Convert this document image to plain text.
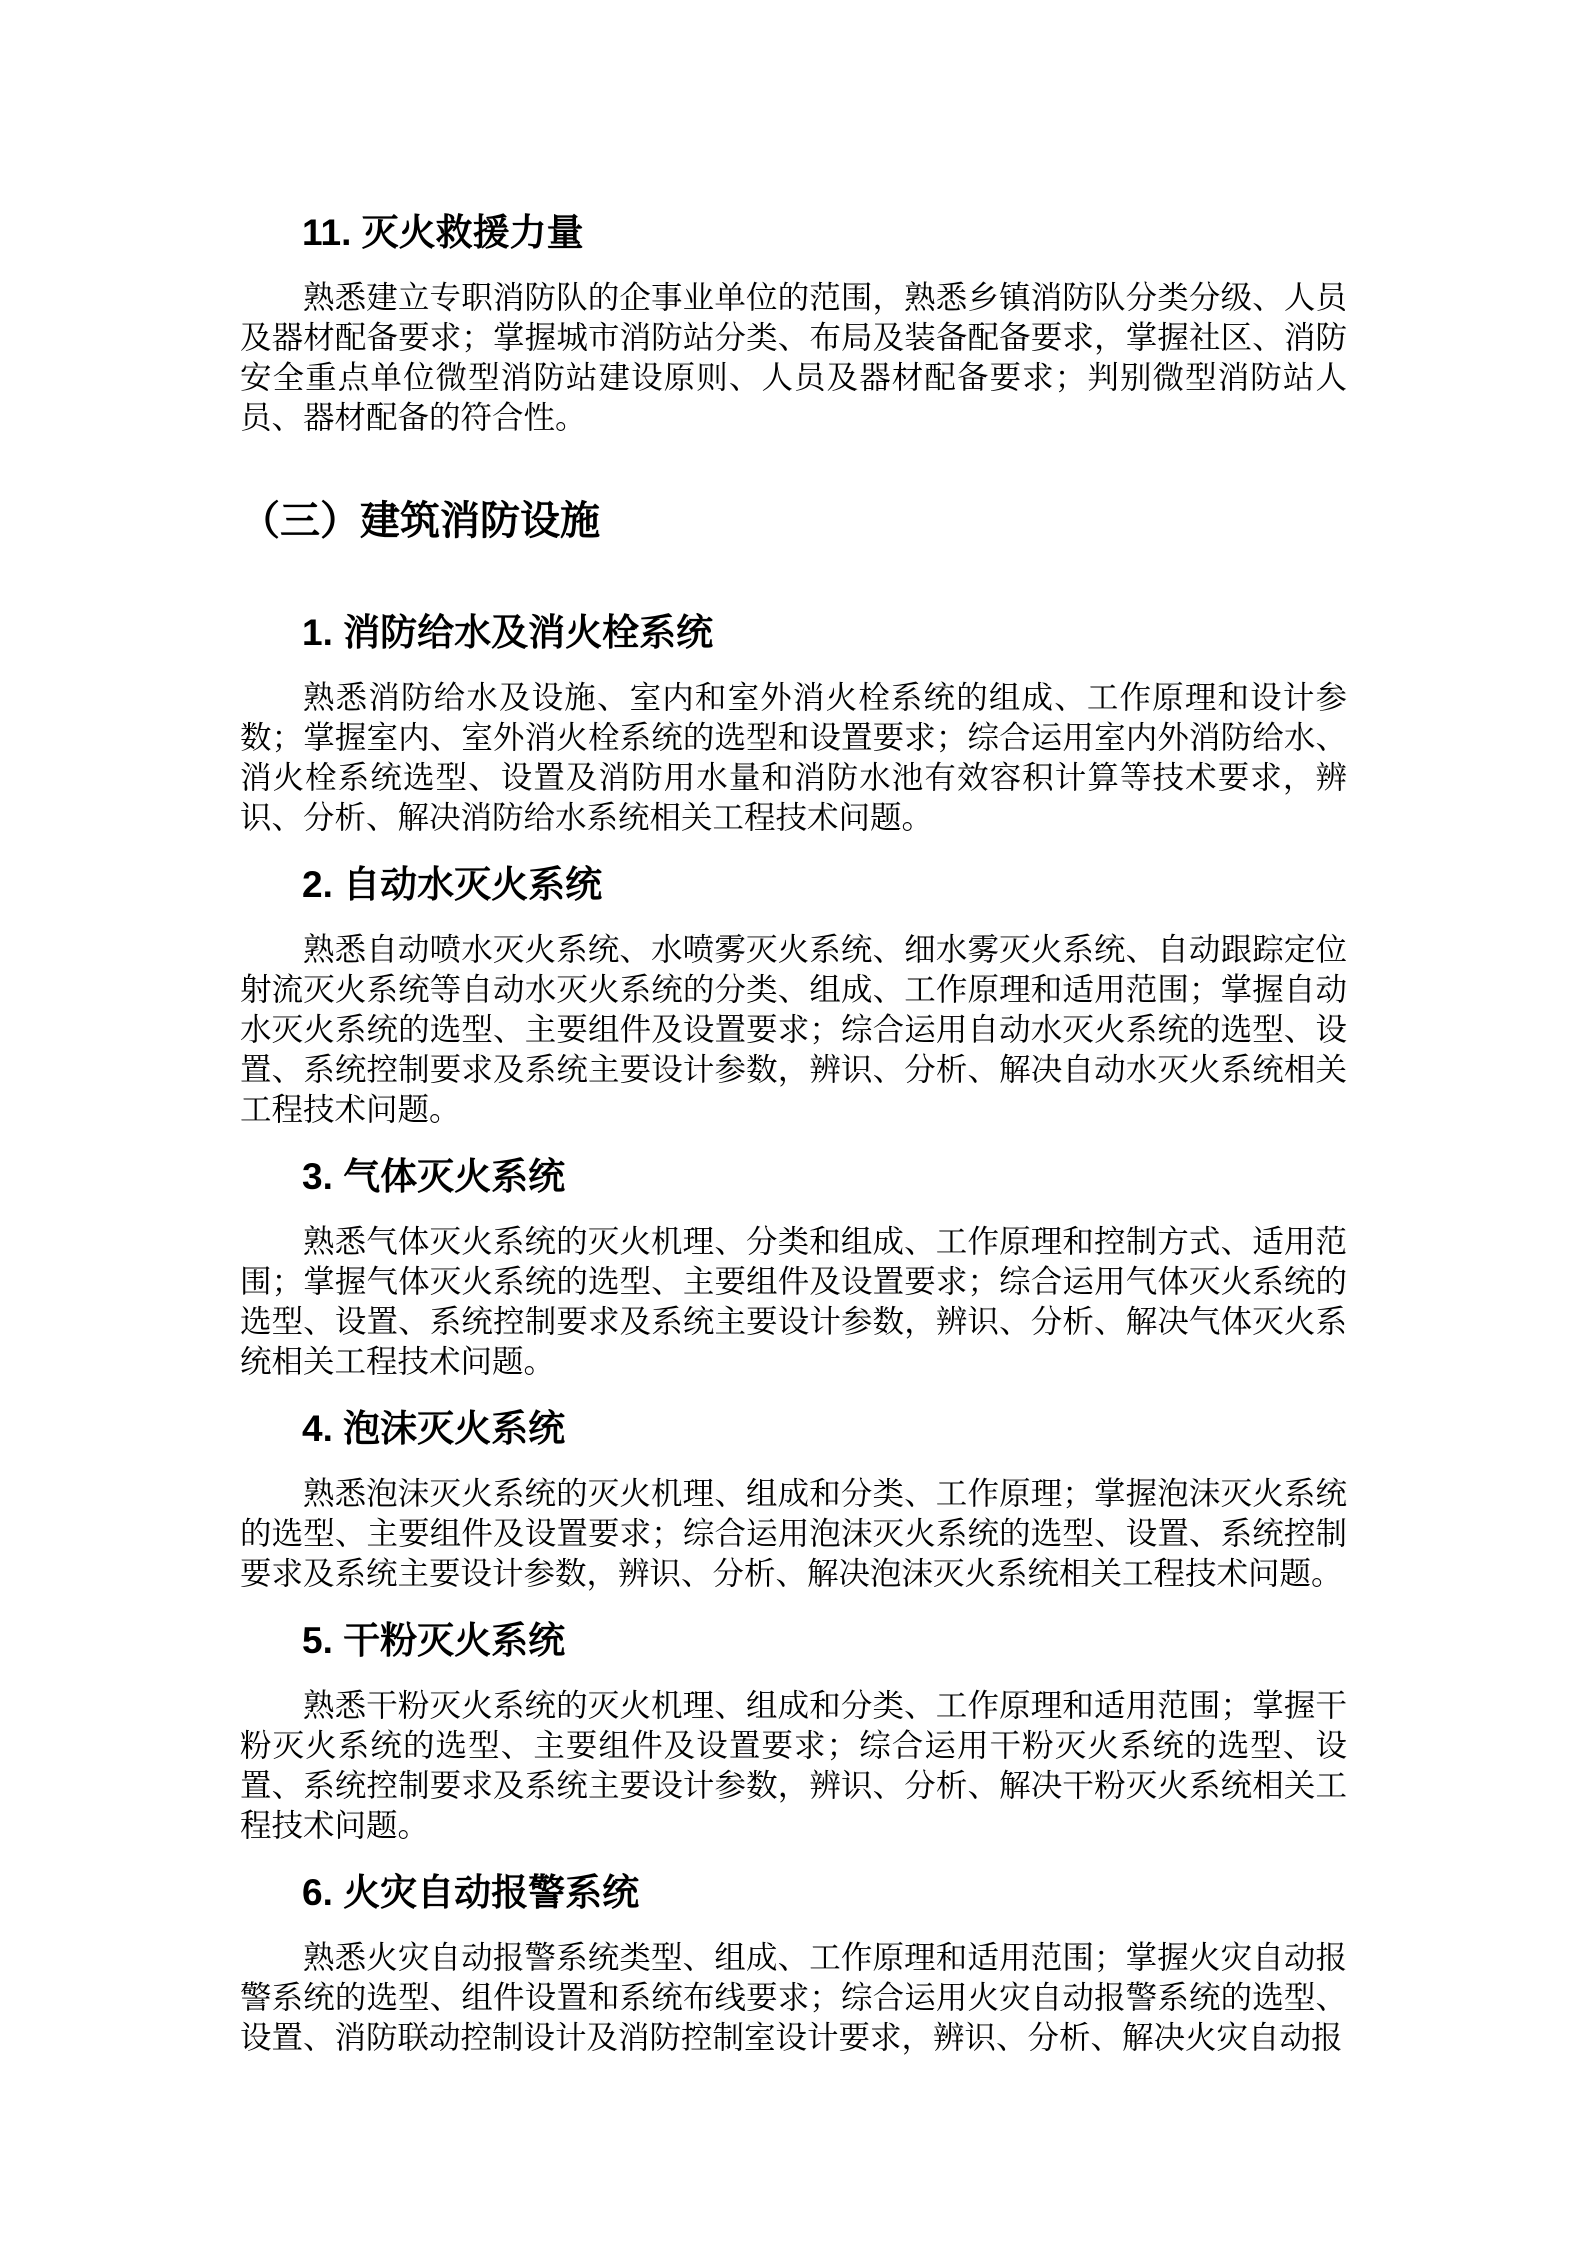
11. 灭火救援力量

熟悉建立专职消防队的企事业单位的范围，熟悉乡镇消防队分类分级、人员及器材配备要求；掌握城市消防站分类、布局及装备配备要求，掌握社区、消防安全重点单位微型消防站建设原则、人员及器材配备要求；判别微型消防站人员、器材配备的符合性。

（三）建筑消防设施
1. 消防给水及消火栓系统

熟悉消防给水及设施、室内和室外消火栓系统的组成、工作原理和设计参数；掌握室内、室外消火栓系统的选型和设置要求；综合运用室内外消防给水、消火栓系统选型、设置及消防用水量和消防水池有效容积计算等技术要求，辨识、分析、解决消防给水系统相关工程技术问题。

2. 自动水灭火系统

熟悉自动喷水灭火系统、水喷雾灭火系统、细水雾灭火系统、自动跟踪定位射流灭火系统等自动水灭火系统的分类、组成、工作原理和适用范围；掌握自动水灭火系统的选型、主要组件及设置要求；综合运用自动水灭火系统的选型、设置、系统控制要求及系统主要设计参数，辨识、分析、解决自动水灭火系统相关工程技术问题。

3. 气体灭火系统

熟悉气体灭火系统的灭火机理、分类和组成、工作原理和控制方式、适用范围；掌握气体灭火系统的选型、主要组件及设置要求；综合运用气体灭火系统的选型、设置、系统控制要求及系统主要设计参数，辨识、分析、解决气体灭火系统相关工程技术问题。

4. 泡沫灭火系统

熟悉泡沫灭火系统的灭火机理、组成和分类、工作原理；掌握泡沫灭火系统的选型、主要组件及设置要求；综合运用泡沫灭火系统的选型、设置、系统控制要求及系统主要设计参数，辨识、分析、解决泡沫灭火系统相关工程技术问题。

5. 干粉灭火系统

熟悉干粉灭火系统的灭火机理、组成和分类、工作原理和适用范围；掌握干粉灭火系统的选型、主要组件及设置要求；综合运用干粉灭火系统的选型、设置、系统控制要求及系统主要设计参数，辨识、分析、解决干粉灭火系统相关工程技术问题。

6. 火灾自动报警系统

熟悉火灾自动报警系统类型、组成、工作原理和适用范围；掌握火灾自动报警系统的选型、组件设置和系统布线要求；综合运用火灾自动报警系统的选型、设置、消防联动控制设计及消防控制室设计要求，辨识、分析、解决火灾自动报
